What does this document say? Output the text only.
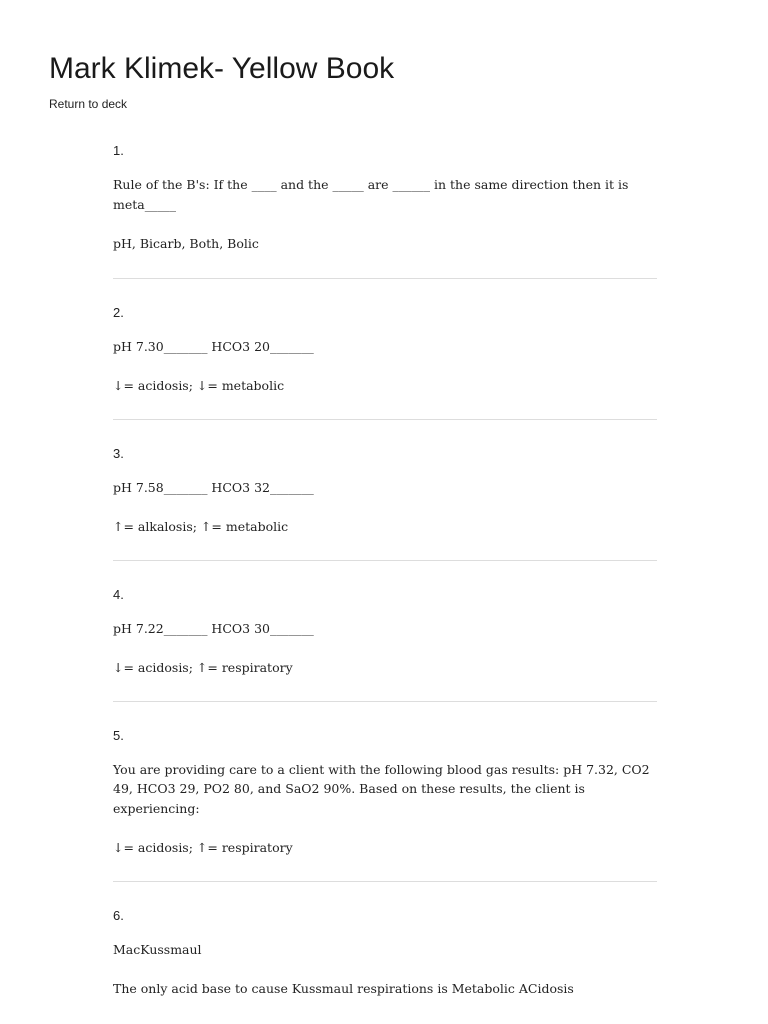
Mark Klimek- Yellow Book
Return to deck
1.
Rule of the B's: If the ____ and the _____ are ______ in the same direction then it is meta_____
pH, Bicarb, Both, Bolic
2.
pH 7.30_______ HCO3 20_______
↓= acidosis; ↓= metabolic
3.
pH 7.58_______ HCO3 32_______
↑= alkalosis; ↑= metabolic
4.
pH 7.22_______ HCO3 30_______
↓= acidosis; ↑= respiratory
5.
You are providing care to a client with the following blood gas results: pH 7.32, CO2 49, HCO3 29, PO2 80, and SaO2 90%. Based on these results, the client is experiencing:
↓= acidosis; ↑= respiratory
6.
MacKussmaul
The only acid base to cause Kussmaul respirations is Metabolic ACidosis
